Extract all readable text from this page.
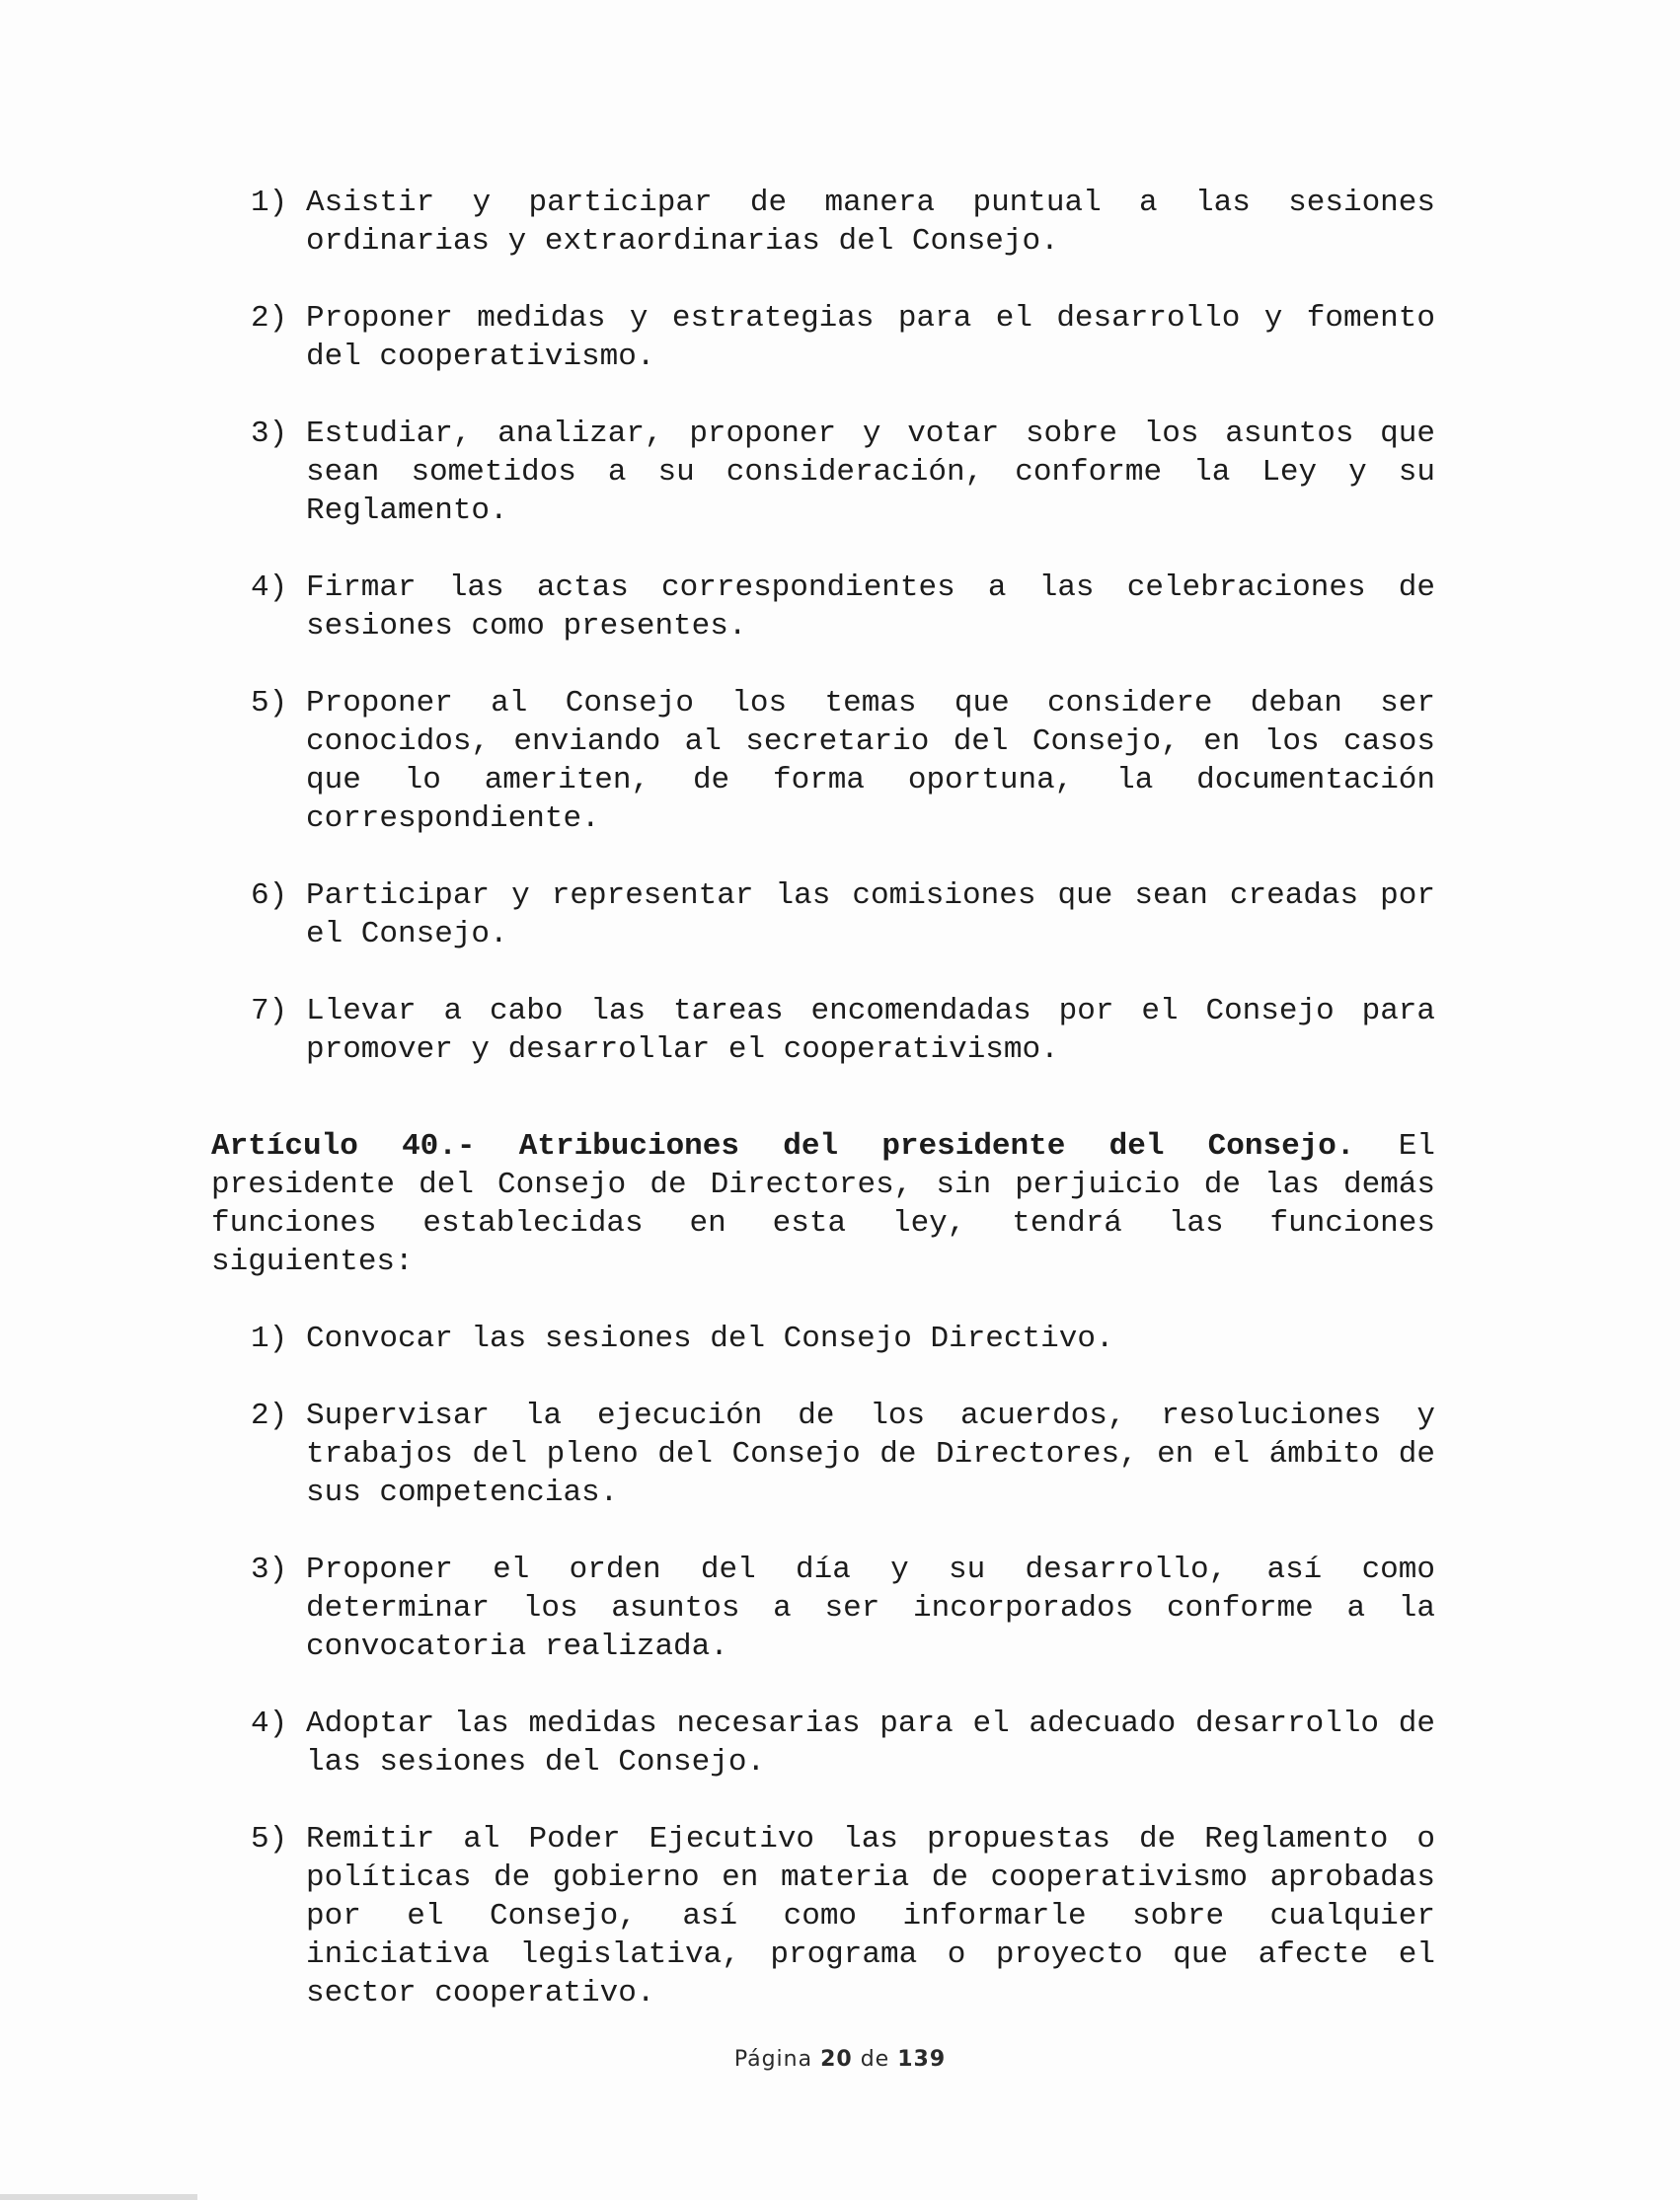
1) Asistir y participar de manera puntual a las sesiones ordinarias y extraordinarias del Consejo.
2) Proponer medidas y estrategias para el desarrollo y fomento del cooperativismo.
3) Estudiar, analizar, proponer y votar sobre los asuntos que sean sometidos a su consideración, conforme la Ley y su Reglamento.
4) Firmar las actas correspondientes a las celebraciones de sesiones como presentes.
5) Proponer al Consejo los temas que considere deban ser conocidos, enviando al secretario del Consejo, en los casos que lo ameriten, de forma oportuna, la documentación correspondiente.
6) Participar y representar las comisiones que sean creadas por el Consejo.
7) Llevar a cabo las tareas encomendadas por el Consejo para promover y desarrollar el cooperativismo.
Artículo 40.- Atribuciones del presidente del Consejo. El presidente del Consejo de Directores, sin perjuicio de las demás funciones establecidas en esta ley, tendrá las funciones siguientes:
1) Convocar las sesiones del Consejo Directivo.
2) Supervisar la ejecución de los acuerdos, resoluciones y trabajos del pleno del Consejo de Directores, en el ámbito de sus competencias.
3) Proponer el orden del día y su desarrollo, así como determinar los asuntos a ser incorporados conforme a la convocatoria realizada.
4) Adoptar las medidas necesarias para el adecuado desarrollo de las sesiones del Consejo.
5) Remitir al Poder Ejecutivo las propuestas de Reglamento o políticas de gobierno en materia de cooperativismo aprobadas por el Consejo, así como informarle sobre cualquier iniciativa legislativa, programa o proyecto que afecte el sector cooperativo.
Página 20 de 139
